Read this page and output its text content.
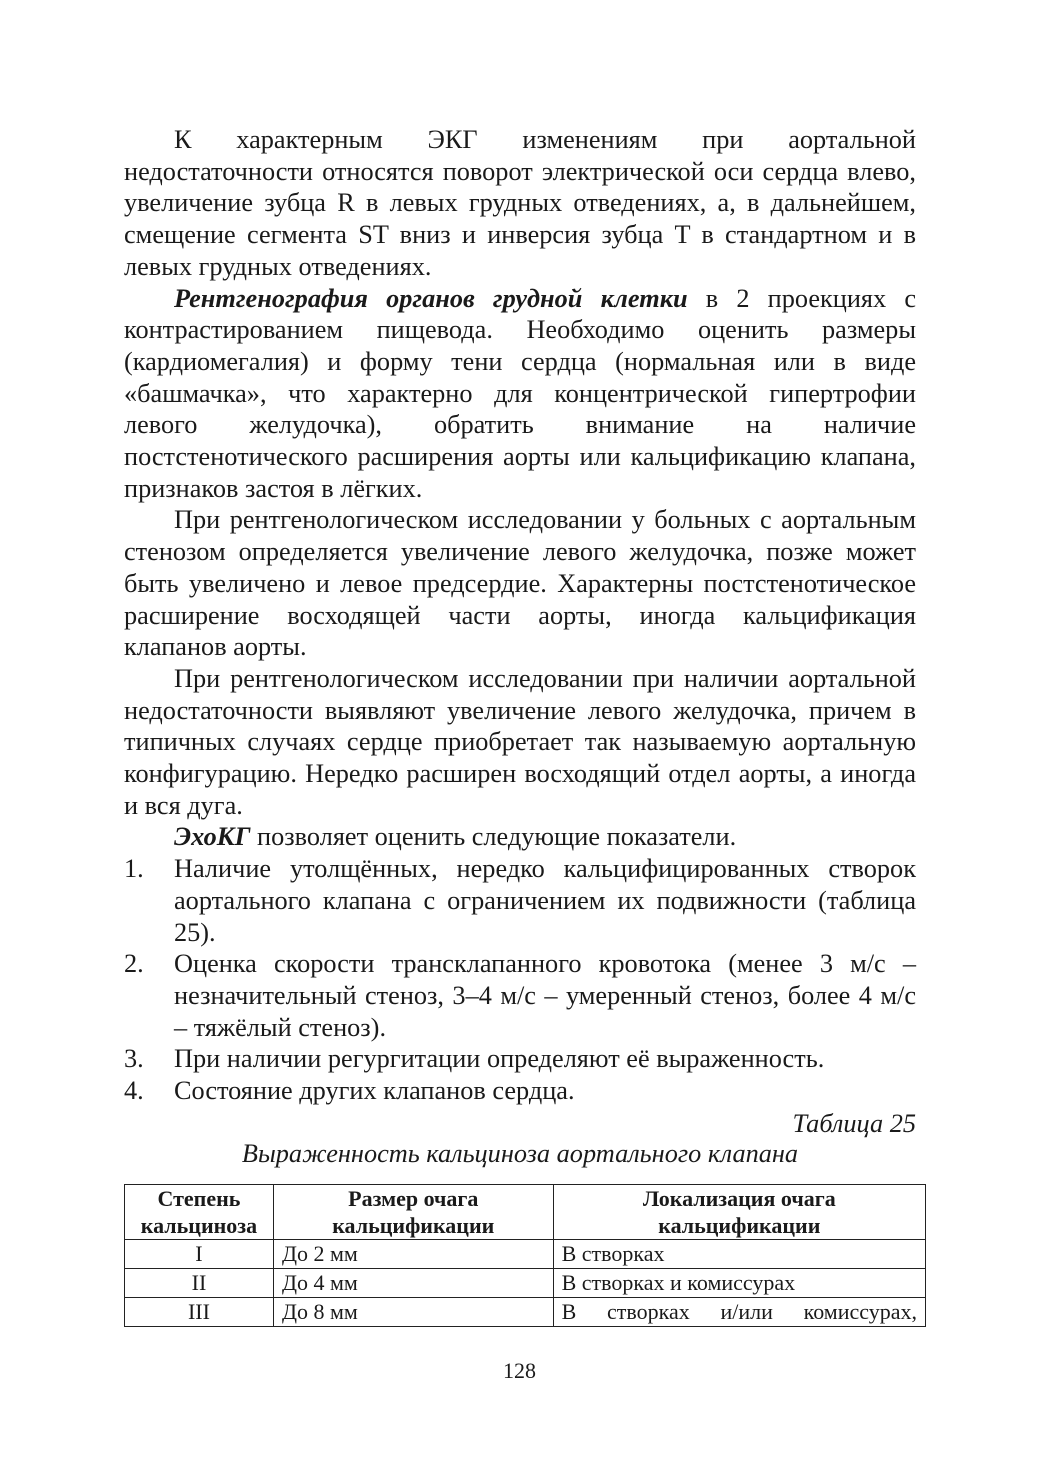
К характерным ЭКГ изменениям при аортальной недостаточности относятся поворот электрической оси сердца влево, увеличение зубца R в левых грудных отведениях, а, в дальнейшем, смещение сегмента ST вниз и инверсия зубца T в стандартном и в левых грудных отведениях.

Рентгенография органов грудной клетки в 2 проекциях с контрастированием пищевода. Необходимо оценить размеры (кардиомегалия) и форму тени сердца (нормальная или в виде «башмачка», что характерно для концентрической гипертрофии левого желудочка), обратить внимание на наличие постстенотического расширения аорты или кальцификацию клапана, признаков застоя в лёгких.

При рентгенологическом исследовании у больных с аортальным стенозом определяется увеличение левого желудочка, позже может быть увеличено и левое предсердие. Характерны постстенотическое расширение восходящей части аорты, иногда кальцификация клапанов аорты.

При рентгенологическом исследовании при наличии аортальной недостаточности выявляют увеличение левого желудочка, причем в типичных случаях сердце приобретает так называемую аортальную конфигурацию. Нередко расширен восходящий отдел аорты, а иногда и вся дуга.

ЭхоКГ позволяет оценить следующие показатели.

1. Наличие утолщённых, нередко кальцифицированных створок аортального клапана с ограничением их подвижности (таблица 25).
2. Оценка скорости трансклапанного кровотока (менее 3 м/с – незначительный стеноз, 3–4 м/с – умеренный стеноз, более 4 м/с – тяжёлый стеноз).
3. При наличии регургитации определяют её выраженность.
4. Состояние других клапанов сердца.
Таблица 25
Выраженность кальциноза аортального клапана
Степень кальциноза	Размер очага кальцификации	Локализация очага кальцификации
I	До 2 мм	В створках
II	До 4 мм	В створках и комиссурах
III	До 8 мм	В створках и/или комиссурах,
128
